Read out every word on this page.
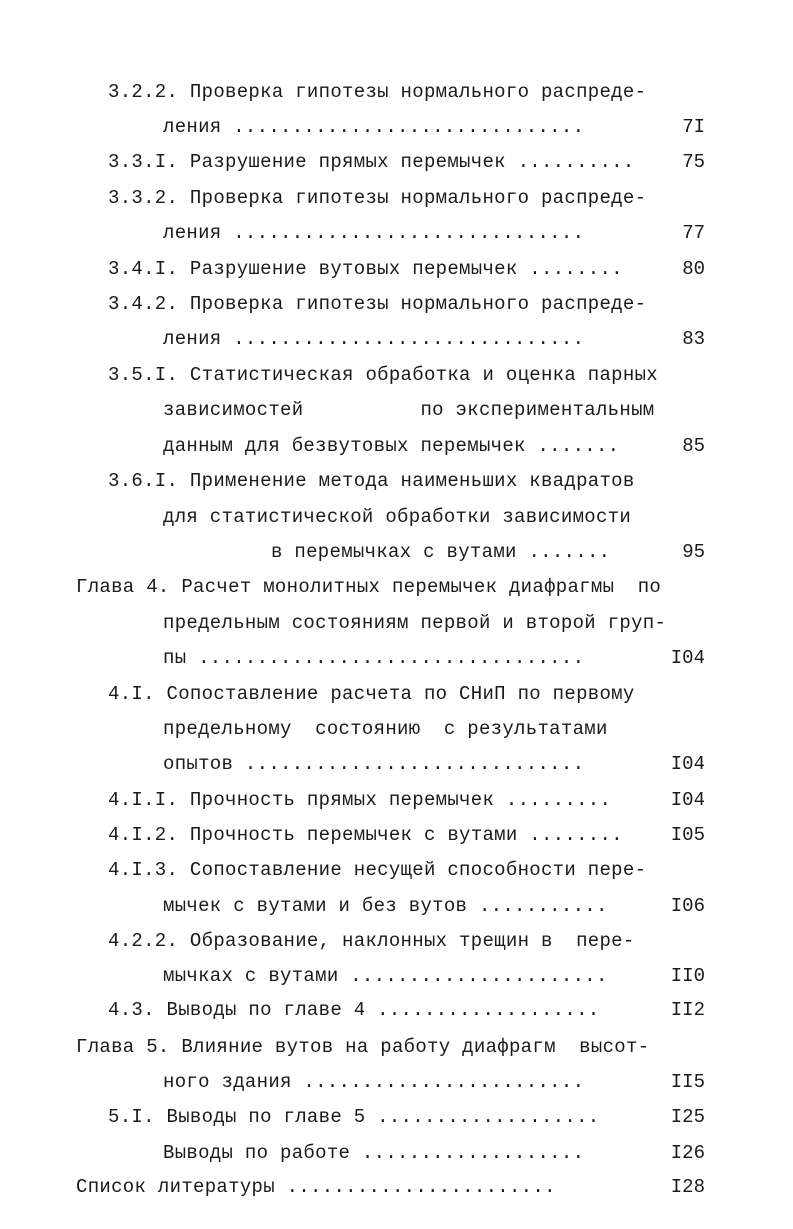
3.2.2. Проверка гипотезы нормального распреде-
ления ..............................	7I
3.3.I. Разрушение прямых перемычек ..........	75
3.3.2. Проверка гипотезы нормального распреде-
ления ..............................	77
3.4.I. Разрушение вутовых перемычек ........	80
3.4.2. Проверка гипотезы нормального распреде-
ления ..............................	83
3.5.I. Статистическая обработка и оценка парных
зависимостей          по экспериментальным
данным для безвутовых перемычек .......	85
3.6.I. Применение метода наименьших квадратов
для статистической обработки зависимости
в перемычках с вутами .......	95
Глава 4. Расчет монолитных перемычек диафрагмы  по
предельным состояниям первой и второй груп-
пы .................................	I04
4.I. Сопоставление расчета по СНиП по первому
предельному  состоянию  с результатами
опытов .............................	I04
4.I.I. Прочность прямых перемычек .........	I04
4.I.2. Прочность перемычек с вутами ........	I05
4.I.3. Сопоставление несущей способности пере-
мычек с вутами и без вутов ...........	I06
4.2.2. Образование, наклонных трещин в  пере-
мычках с вутами ......................	II0
4.3. Выводы по главе 4 ...................	II2
Глава 5. Влияние вутов на работу диафрагм  высот-
ного здания ........................	II5
5.I. Выводы по главе 5 ...................	I25
Выводы по работе ...................	I26
Список литературы .......................	I28
